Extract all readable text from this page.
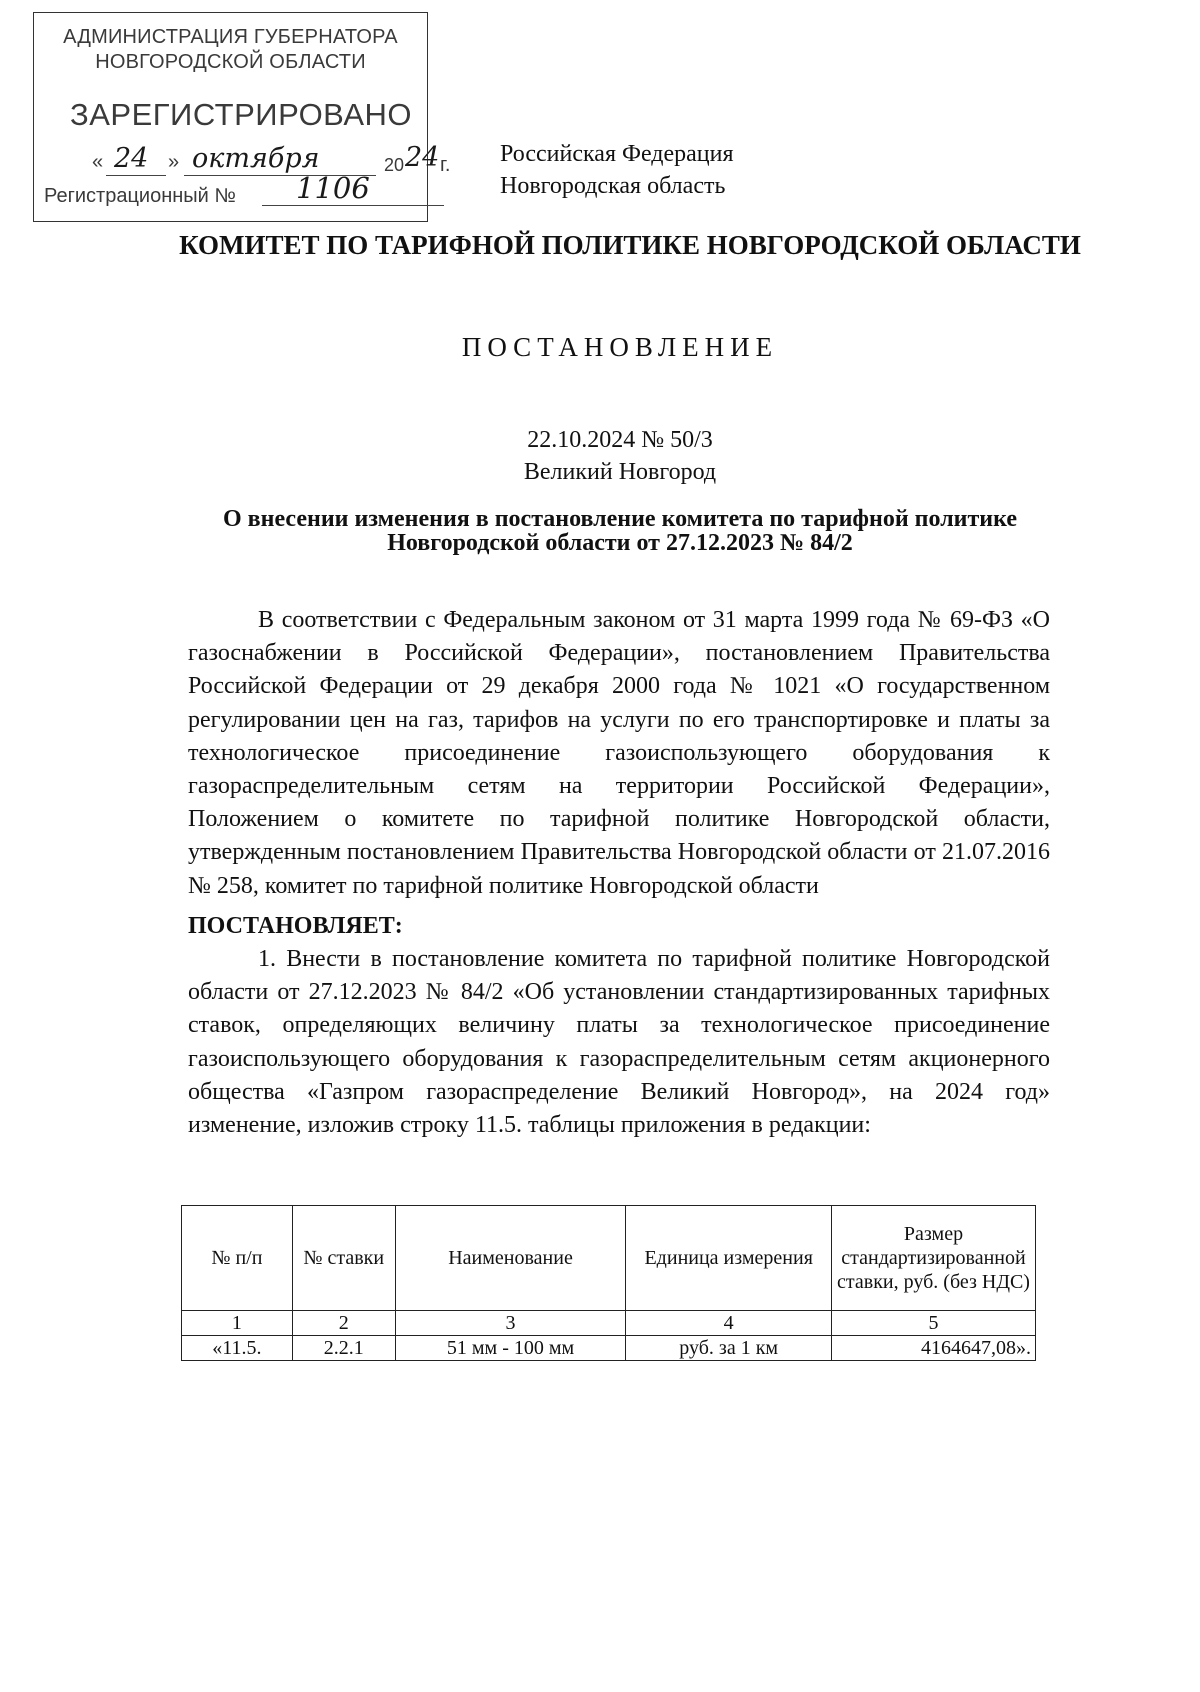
АДМИНИСТРАЦИЯ ГУБЕРНАТОРА
НОВГОРОДСКОЙ ОБЛАСТИ
ЗАРЕГИСТРИРОВАНО
« 24 » октября	20 24 г.
Регистрационный № 1106
Российская Федерация
Новгородская область
КОМИТЕТ ПО ТАРИФНОЙ ПОЛИТИКЕ НОВГОРОДСКОЙ ОБЛАСТИ
ПОСТАНОВЛЕНИЕ
22.10.2024 № 50/3
Великий Новгород
О внесении изменения в постановление комитета по тарифной политике
Новгородской области от 27.12.2023 № 84/2
В соответствии с Федеральным законом от 31 марта 1999 года № 69-ФЗ «О газоснабжении в Российской Федерации», постановлением Правительства Российской Федерации от 29 декабря 2000 года № 1021 «О государственном регулировании цен на газ, тарифов на услуги по его транспортировке и платы за технологическое присоединение газоиспользующего оборудования к газораспределительным сетям на территории Российской Федерации», Положением о комитете по тарифной политике Новгородской области, утвержденным постановлением Правительства Новгородской области от 21.07.2016 № 258, комитет по тарифной политике Новгородской области
ПОСТАНОВЛЯЕТ:
1. Внести в постановление комитета по тарифной политике Новгородской области от 27.12.2023 № 84/2 «Об установлении стандартизированных тарифных ставок, определяющих величину платы за технологическое присоединение газоиспользующего оборудования к газораспределительным сетям акционерного общества «Газпром газораспределение Великий Новгород», на 2024 год» изменение, изложив строку 11.5. таблицы приложения в редакции:
№ п/п	№ ставки	Наименование	Единица измерения	Размер стандартизированной ставки, руб. (без НДС)
1	2	3	4	5
«11.5.	2.2.1	51 мм - 100 мм	руб. за 1 км	4164647,08».
